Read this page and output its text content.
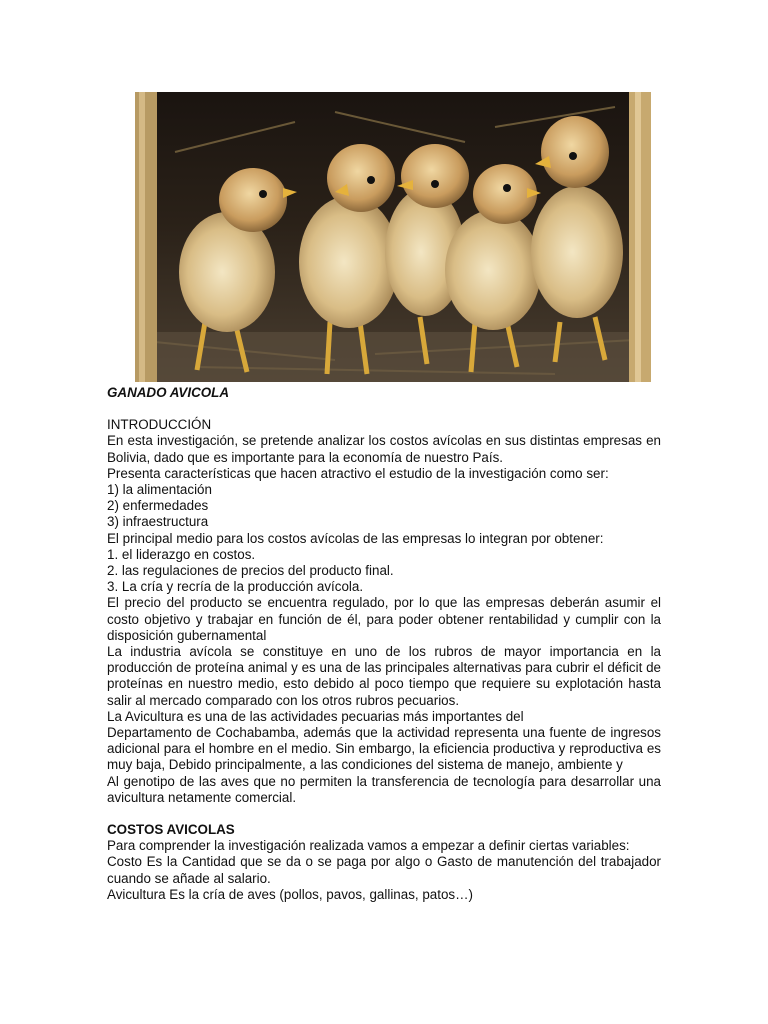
GANADO AVICOLA

INTRODUCCIÓN

En esta investigación, se pretende analizar los costos avícolas en sus distintas empresas en Bolivia, dado que es importante para la economía de nuestro País.

Presenta características que hacen atractivo el estudio de la investigación como ser:

1) la alimentación

2) enfermedades

3) infraestructura

El principal medio para los costos avícolas de las empresas lo integran por obtener:

1. el liderazgo en costos.

2. las regulaciones de precios del producto final.

3. La cría y recría de la producción avícola.

El precio del producto se encuentra regulado, por lo que las empresas deberán asumir el costo objetivo y trabajar en función de él, para poder obtener rentabilidad y cumplir con la disposición gubernamental

La industria avícola se constituye en uno de los rubros de mayor importancia en la producción de proteína animal y es una de las principales alternativas para cubrir el déficit de proteínas en nuestro medio, esto debido al poco tiempo que requiere su explotación hasta salir al mercado comparado con los otros rubros pecuarios.

La Avicultura es una de las actividades pecuarias más importantes del

Departamento de Cochabamba, además que la actividad representa una fuente de ingresos adicional para el hombre en el medio. Sin embargo, la eficiencia productiva y reproductiva es muy baja, Debido principalmente, a las condiciones del sistema de manejo, ambiente y

Al genotipo de las aves que no permiten la transferencia de tecnología para desarrollar una avicultura netamente comercial.

COSTOS AVICOLAS

Para comprender la investigación realizada vamos a empezar a definir ciertas variables:

Costo Es la Cantidad que se da o se paga por algo o Gasto de manutención del trabajador cuando se añade al salario.

Avicultura Es la cría de aves (pollos, pavos, gallinas, patos…)
